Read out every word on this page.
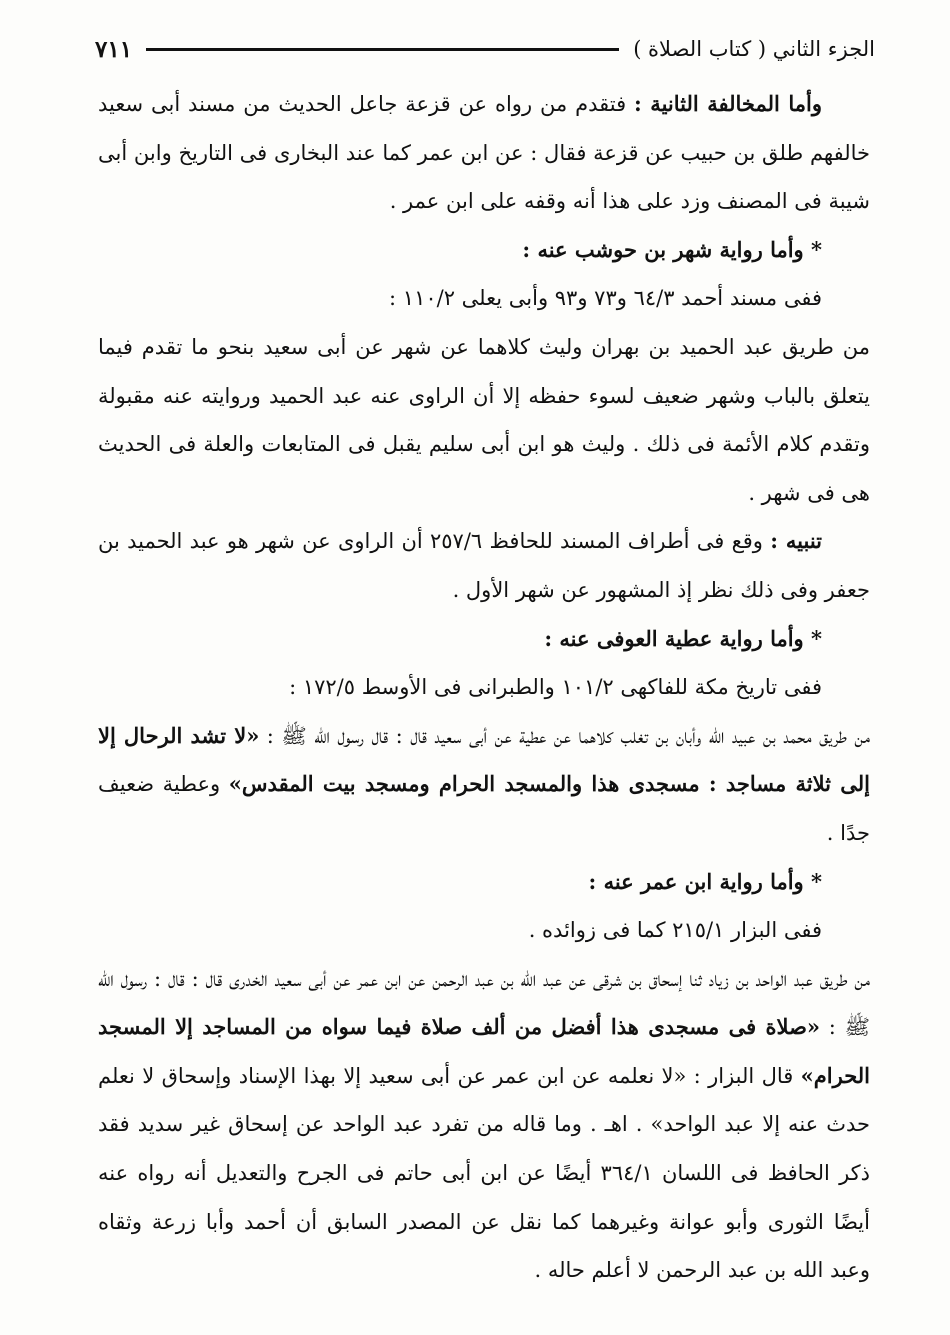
الجزء الثاني ( كتاب الصلاة )
٧١١

وأما المخالفة الثانية : فتقدم من رواه عن قزعة جاعل الحديث من مسند أبى سعيد خالفهم طلق بن حبيب عن قزعة فقال : عن ابن عمر كما عند البخارى فى التاريخ وابن أبى شيبة فى المصنف وزد على هذا أنه وقفه على ابن عمر .

* وأما رواية شهر بن حوشب عنه :

ففى مسند أحمد ٦٤/٣ و٧٣ و٩٣ وأبى يعلى ١١٠/٢ :

من طريق عبد الحميد بن بهران وليث كلاهما عن شهر عن أبى سعيد بنحو ما تقدم فيما يتعلق بالباب وشهر ضعيف لسوء حفظه إلا أن الراوى عنه عبد الحميد وروايته عنه مقبولة وتقدم كلام الأئمة فى ذلك . وليث هو ابن أبى سليم يقبل فى المتابعات والعلة فى الحديث هى فى شهر .

تنبيه : وقع فى أطراف المسند للحافظ ٢٥٧/٦ أن الراوى عن شهر هو عبد الحميد بن جعفر وفى ذلك نظر إذ المشهور عن شهر الأول .

* وأما رواية عطية العوفى عنه :

ففى تاريخ مكة للفاكهى ١٠١/٢ والطبرانى فى الأوسط ١٧٢/٥ :

من طريق محمد بن عبيد الله وأبان بن تغلب كلاهما عن عطية عن أبى سعيد قال : قال رسول الله ﷺ : «لا تشد الرحال إلا إلى ثلاثة مساجد : مسجدى هذا والمسجد الحرام ومسجد بيت المقدس» وعطية ضعيف جدًا .

* وأما رواية ابن عمر عنه :

ففى البزار ٢١٥/١ كما فى زوائده .

من طريق عبد الواحد بن زياد ثنا إسحاق بن شرقى عن عبد الله بن عبد الرحمن عن ابن عمر عن أبى سعيد الخدرى قال : قال : رسول الله ﷺ : «صلاة فى مسجدى هذا أفضل من ألف صلاة فيما سواه من المساجد إلا المسجد الحرام» قال البزار : «لا نعلمه عن ابن عمر عن أبى سعيد إلا بهذا الإسناد وإسحاق لا نعلم حدث عنه إلا عبد الواحد» . اهـ . وما قاله من تفرد عبد الواحد عن إسحاق غير سديد فقد ذكر الحافظ فى اللسان ٣٦٤/١ أيضًا عن ابن أبى حاتم فى الجرح والتعديل أنه رواه عنه أيضًا الثورى وأبو عوانة وغيرهما كما نقل عن المصدر السابق أن أحمد وأبا زرعة وثقاه وعبد الله بن عبد الرحمن لا أعلم حاله .
